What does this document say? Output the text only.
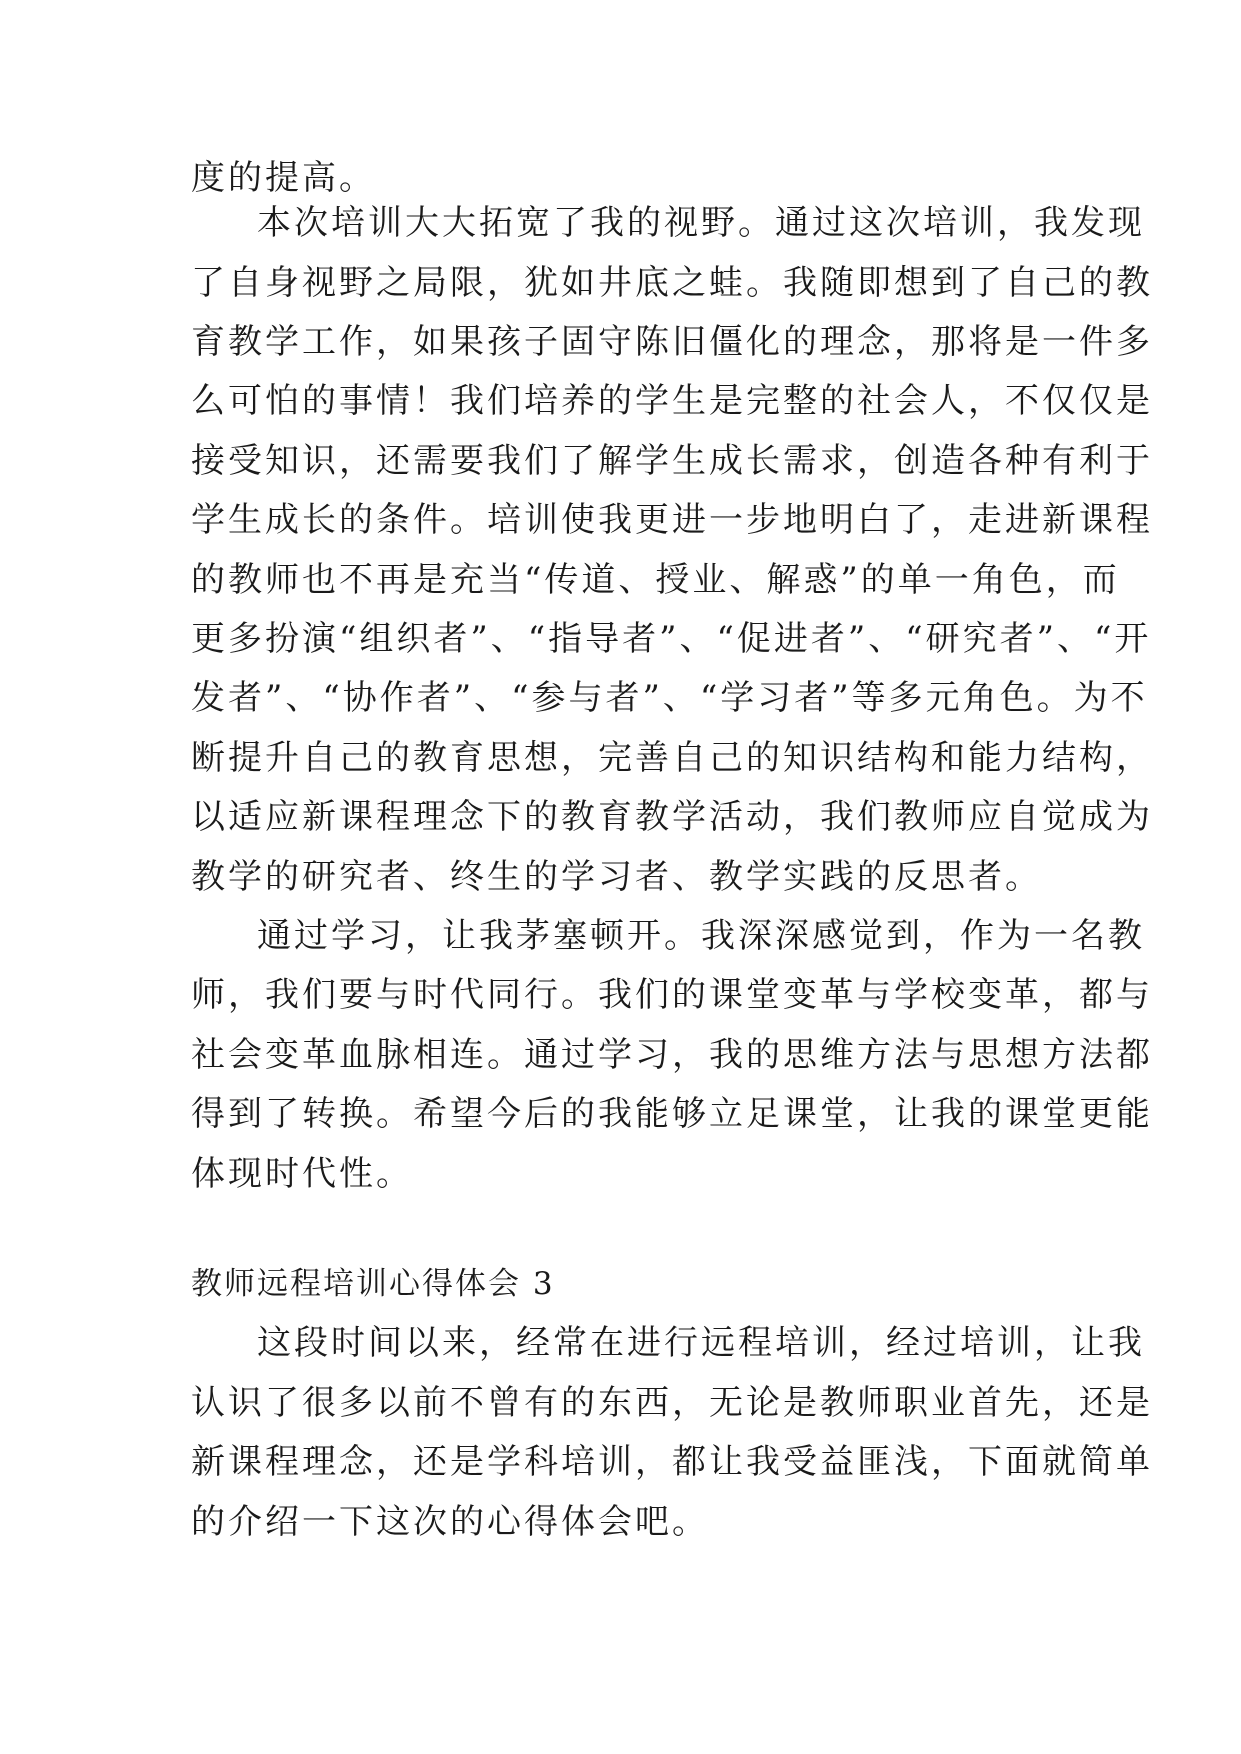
度的提高。
本次培训大大拓宽了我的视野。通过这次培训，我发现
了自身视野之局限，犹如井底之蛙。我随即想到了自己的教
育教学工作，如果孩子固守陈旧僵化的理念，那将是一件多
么可怕的事情！我们培养的学生是完整的社会人，不仅仅是
接受知识，还需要我们了解学生成长需求，创造各种有利于
学生成长的条件。培训使我更进一步地明白了，走进新课程
的教师也不再是充当“传道、授业、解惑”的单一角色，而
更多扮演“组织者”、“指导者”、“促进者”、“研究者”、“开
发者”、“协作者”、“参与者”、“学习者”等多元角色。为不
断提升自己的教育思想，完善自己的知识结构和能力结构，
以适应新课程理念下的教育教学活动，我们教师应自觉成为
教学的研究者、终生的学习者、教学实践的反思者。
通过学习，让我茅塞顿开。我深深感觉到，作为一名教
师，我们要与时代同行。我们的课堂变革与学校变革，都与
社会变革血脉相连。通过学习，我的思维方法与思想方法都
得到了转换。希望今后的我能够立足课堂，让我的课堂更能
体现时代性。
教师远程培训心得体会 3
这段时间以来，经常在进行远程培训，经过培训，让我
认识了很多以前不曾有的东西，无论是教师职业首先，还是
新课程理念，还是学科培训，都让我受益匪浅，下面就简单
的介绍一下这次的心得体会吧。
